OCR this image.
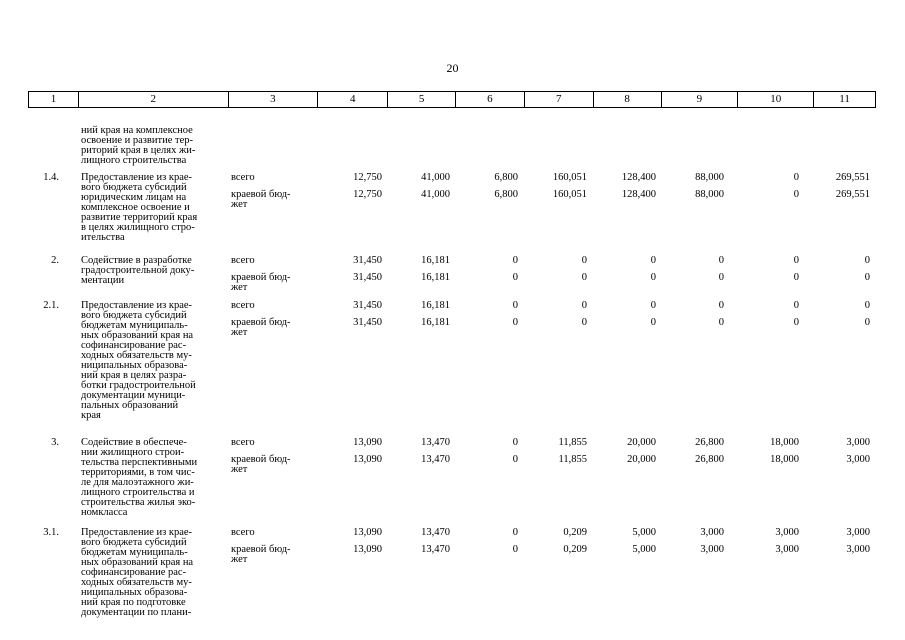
20
1	2	3	4	5	6	7	8	9	10	11
ний края на комплексное
освоение и развитие тер-
риторий края в целях жи-
лищного строительства
1.4. Предоставление из крае-
вого бюджета субсидий
юридическим лицам на
комплексное освоение и
развитие территорий края
в целях жилищного стро-
ительства
всего	12,750	41,000	6,800	160,051	128,400	88,000	0	269,551
краевой бюд-
жет
12,750	41,000	6,800	160,051	128,400	88,000	0	269,551
2. Содействие в разработке
градостроительной доку-
ментации
всего	31,450	16,181	0	0	0	0	0	0
краевой бюд-
жет
31,450	16,181	0	0	0	0	0	0
2.1. Предоставление из крае-
вого бюджета субсидий
бюджетам муниципаль-
ных образований края на
софинансирование рас-
ходных обязательств му-
ниципальных образова-
ний края в целях разра-
ботки градостроительной
документации муници-
пальных образований
края
всего	31,450	16,181	0	0	0	0	0	0
краевой бюд-
жет
31,450	16,181	0	0	0	0	0	0
3. Содействие в обеспече-
нии жилищного строи-
тельства перспективными
территориями, в том чис-
ле для малоэтажного жи-
лищного строительства и
строительства жилья эко-
номкласса
всего	13,090	13,470	0	11,855	20,000	26,800	18,000	3,000
краевой бюд-
жет
13,090	13,470	0	11,855	20,000	26,800	18,000	3,000
3.1. Предоставление из крае-
вого бюджета субсидий
бюджетам муниципаль-
ных образований края на
софинансирование рас-
ходных обязательств му-
ниципальных образова-
ний края по подготовке
документации по плани-
всего	13,090	13,470	0	0,209	5,000	3,000	3,000	3,000
краевой бюд-
жет
13,090	13,470	0	0,209	5,000	3,000	3,000	3,000
